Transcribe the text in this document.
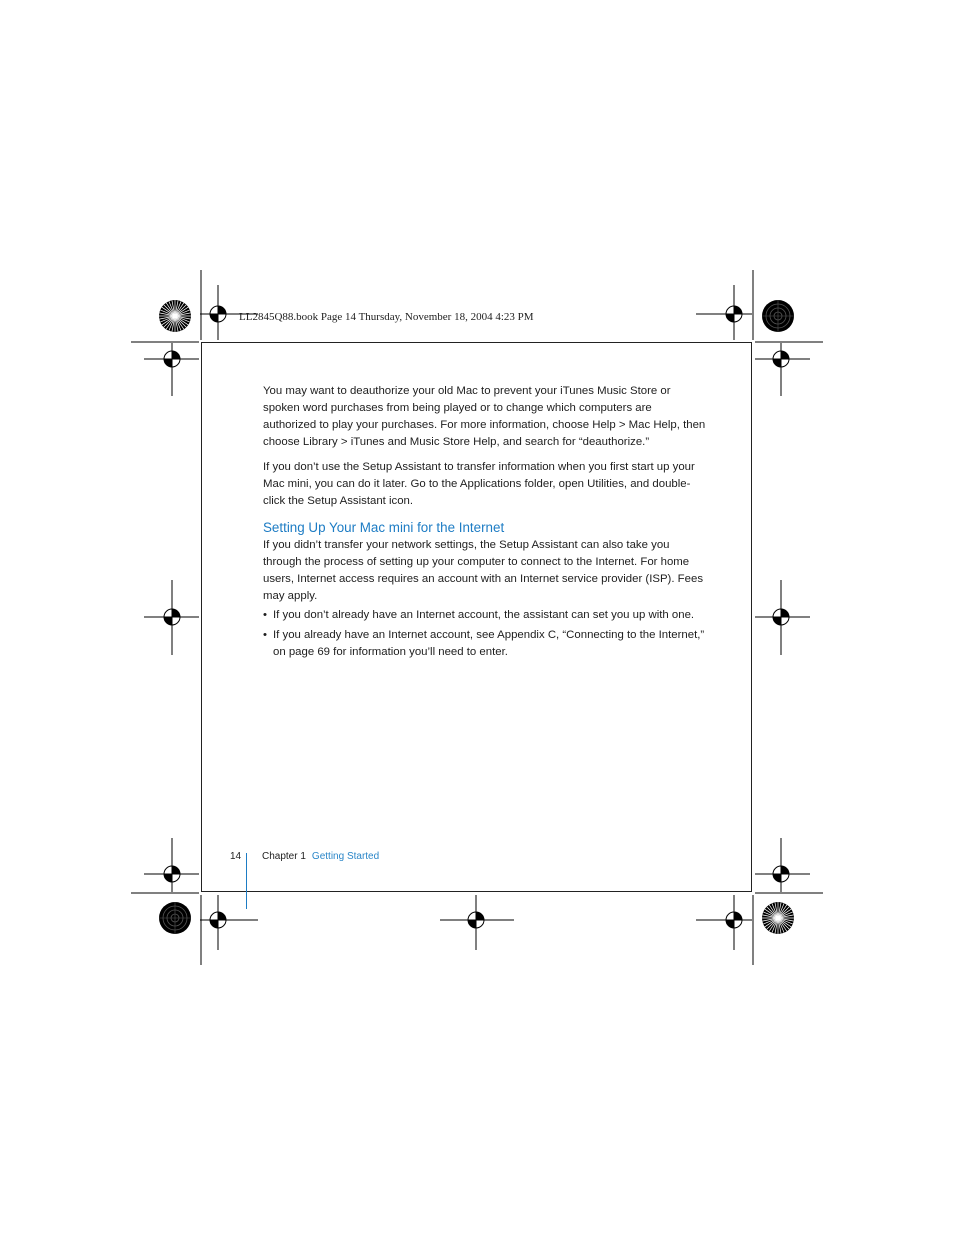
LL2845Q88.book Page 14 Thursday, November 18, 2004 4:23 PM

You may want to deauthorize your old Mac to prevent your iTunes Music Store or spoken word purchases from being played or to change which computers are authorized to play your purchases. For more information, choose Help > Mac Help, then choose Library > iTunes and Music Store Help, and search for “deauthorize.”

If you don’t use the Setup Assistant to transfer information when you first start up your Mac mini, you can do it later. Go to the Applications folder, open Utilities, and double-click the Setup Assistant icon.

Setting Up Your Mac mini for the Internet

If you didn’t transfer your network settings, the Setup Assistant can also take you through the process of setting up your computer to connect to the Internet. For home users, Internet access requires an account with an Internet service provider (ISP). Fees may apply.

• If you don’t already have an Internet account, the assistant can set you up with one.
• If you already have an Internet account, see Appendix C, “Connecting to the Internet,” on page 69 for information you’ll need to enter.
14 Chapter 1 Getting Started
